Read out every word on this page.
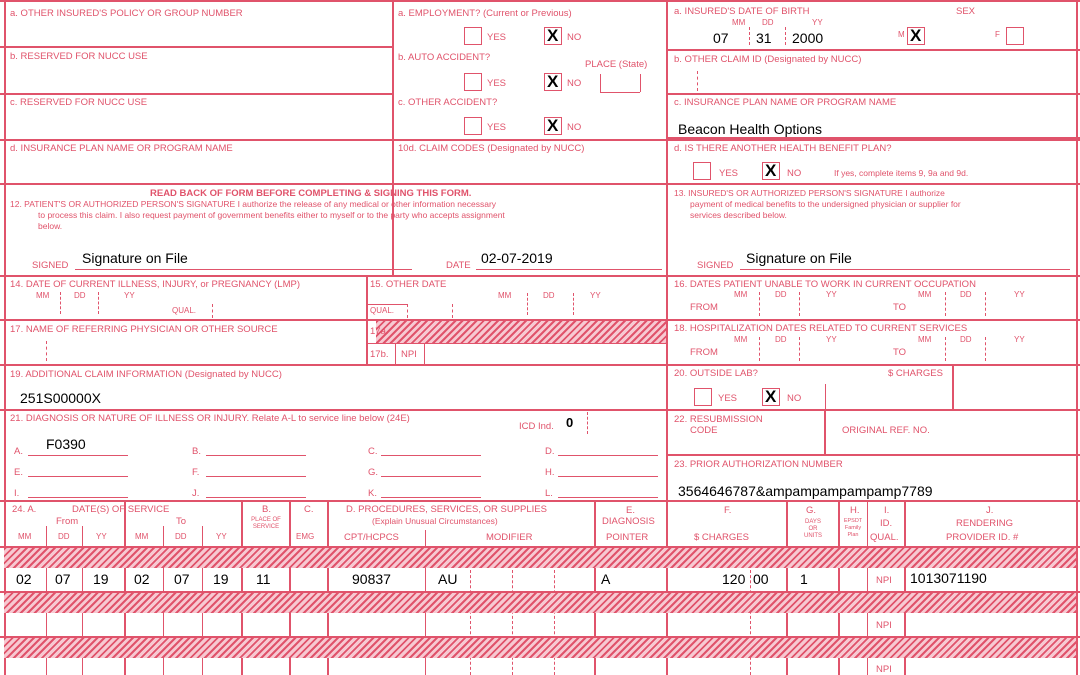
a. OTHER INSURED'S POLICY OR GROUP NUMBER
b. RESERVED FOR NUCC USE
c. RESERVED FOR NUCC USE
d. INSURANCE PLAN NAME OR PROGRAM NAME
a. EMPLOYMENT? (Current or Previous)
YES X NO
b. AUTO ACCIDENT?
PLACE (State)
YES X NO
c. OTHER ACCIDENT?
YES X NO
10d. CLAIM CODES (Designated by NUCC)
a. INSURED'S DATE OF BIRTH	SEX
MM DD	YY
07 31 2000	M X	F
b. OTHER CLAIM ID (Designated by NUCC)
c. INSURANCE PLAN NAME OR PROGRAM NAME
Beacon Health Options
d. IS THERE ANOTHER HEALTH BENEFIT PLAN?
YES X NO	If yes, complete items 9, 9a and 9d.
READ BACK OF FORM BEFORE COMPLETING & SIGNING THIS FORM.
12. PATIENT'S OR AUTHORIZED PERSON'S SIGNATURE I authorize the release of any medical or other information necessary
to process this claim. I also request payment of government benefits either to myself or to the party who accepts assignment
below.
SIGNED Signature on File	DATE 02-07-2019
13. INSURED'S OR AUTHORIZED PERSON'S SIGNATURE I authorize
payment of medical benefits to the undersigned physician or supplier for
services described below.
SIGNED Signature on File
14. DATE OF CURRENT ILLNESS, INJURY, or PREGNANCY (LMP)
MM	DD	YY
QUAL.
15. OTHER DATE
QUAL.
MM	DD	YY
16. DATES PATIENT UNABLE TO WORK IN CURRENT OCCUPATION
MM	DD	YY
FROM
MM	DD	YY
TO
17. NAME OF REFERRING PHYSICIAN OR OTHER SOURCE	17a.
17b. NPI
18. HOSPITALIZATION DATES RELATED TO CURRENT SERVICES
MM	DD	YY
FROM
MM	DD	YY
TO
19. ADDITIONAL CLAIM INFORMATION (Designated by NUCC)
251S00000X
20. OUTSIDE LAB?	$ CHARGES
YES X NO
21. DIAGNOSIS OR NATURE OF ILLNESS OR INJURY. Relate A-L to service line below (24E)
ICD Ind. 0
A. F0390	B.	C.	D.
E.	F.	G.	H.
I.	J.	K.	L.
22. RESUBMISSION
CODE	ORIGINAL REF. NO.
23. PRIOR AUTHORIZATION NUMBER
3564646787&ampampampampamp7789
24. A.	DATE(S) OF SERVICE
From	To
MM	DD	YY	MM	DD	YY
B.
PLACE OF
SERVICE
C.
EMG
D. PROCEDURES, SERVICES, OR SUPPLIES
(Explain Unusual Circumstances)
CPT/HCPCS	MODIFIER
E.
DIAGNOSIS
POINTER
F.
$ CHARGES
G.
DAYS
OR
UNITS
H.
EPSDT
Family
Plan
I.
ID.
QUAL.
J.
RENDERING
PROVIDER ID. #
02 07 19 02 07 19 11	90837	AU	A	120 00 1	NPI 1013071190
NPI
NPI
